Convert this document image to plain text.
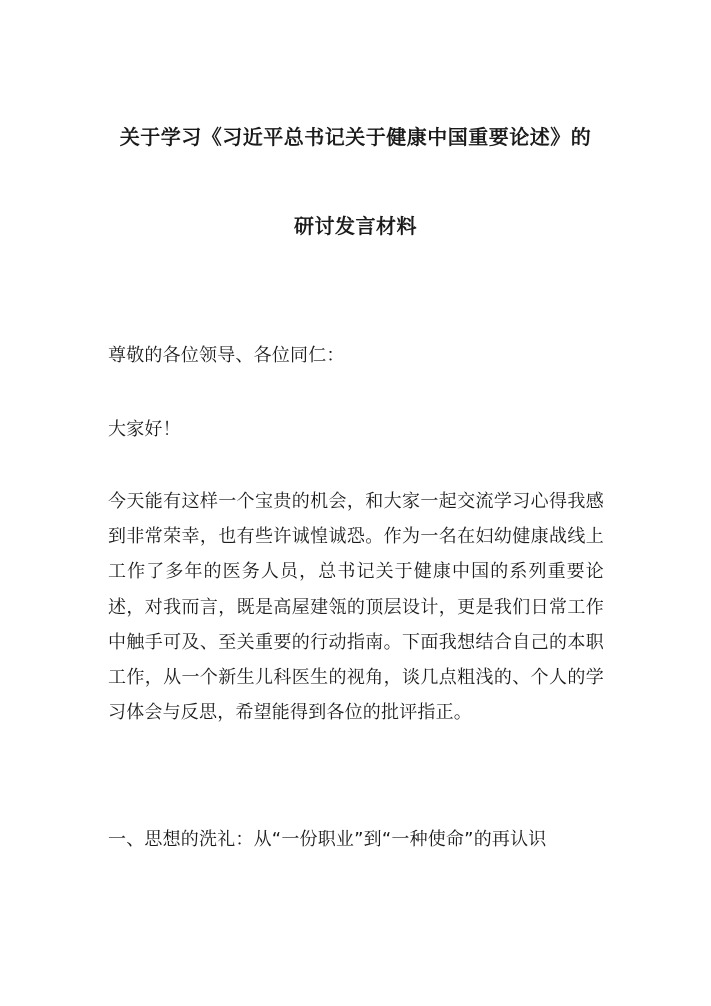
关于学习《习近平总书记关于健康中国重要论述》的
研讨发言材料

尊敬的各位领导、各位同仁：

大家好！

今天能有这样一个宝贵的机会，和大家一起交流学习心得我感到非常荣幸，也有些许诚惶诚恐。作为一名在妇幼健康战线上工作了多年的医务人员，总书记关于健康中国的系列重要论述，对我而言，既是高屋建瓴的顶层设计，更是我们日常工作中触手可及、至关重要的行动指南。下面我想结合自己的本职工作，从一个新生儿科医生的视角，谈几点粗浅的、个人的学习体会与反思，希望能得到各位的批评指正。

一、思想的洗礼：从“一份职业”到“一种使命”的再认识
